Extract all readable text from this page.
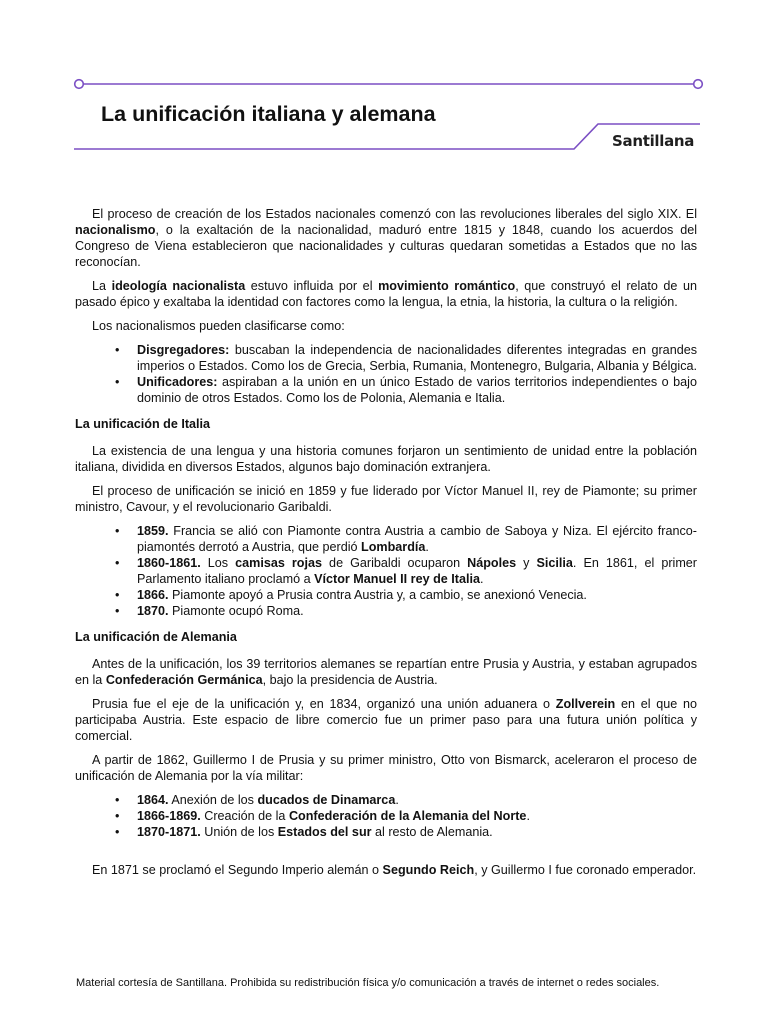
La unificación italiana y alemana
Santillana

El proceso de creación de los Estados nacionales comenzó con las revoluciones liberales del siglo XIX. El nacionalismo, o la exaltación de la nacionalidad, maduró entre 1815 y 1848, cuando los acuerdos del Congreso de Viena establecieron que nacionalidades y culturas quedaran sometidas a Estados que no las reconocían.

La ideología nacionalista estuvo influida por el movimiento romántico, que construyó el relato de un pasado épico y exaltaba la identidad con factores como la lengua, la etnia, la historia, la cultura o la religión.

Los nacionalismos pueden clasificarse como:

• Disgregadores: buscaban la independencia de nacionalidades diferentes integradas en grandes imperios o Estados. Como los de Grecia, Serbia, Rumania, Montenegro, Bulgaria, Albania y Bélgica.
• Unificadores: aspiraban a la unión en un único Estado de varios territorios independientes o bajo dominio de otros Estados. Como los de Polonia, Alemania e Italia.
La unificación de Italia

La existencia de una lengua y una historia comunes forjaron un sentimiento de unidad entre la población italiana, dividida en diversos Estados, algunos bajo dominación extranjera.

El proceso de unificación se inició en 1859 y fue liderado por Víctor Manuel II, rey de Piamonte; su primer ministro, Cavour, y el revolucionario Garibaldi.

• 1859. Francia se alió con Piamonte contra Austria a cambio de Saboya y Niza. El ejército franco-piamontés derrotó a Austria, que perdió Lombardía.
• 1860-1861. Los camisas rojas de Garibaldi ocuparon Nápoles y Sicilia. En 1861, el primer Parlamento italiano proclamó a Víctor Manuel II rey de Italia.
• 1866. Piamonte apoyó a Prusia contra Austria y, a cambio, se anexionó Venecia.
• 1870. Piamonte ocupó Roma.
La unificación de Alemania

Antes de la unificación, los 39 territorios alemanes se repartían entre Prusia y Austria, y estaban agrupados en la Confederación Germánica, bajo la presidencia de Austria.

Prusia fue el eje de la unificación y, en 1834, organizó una unión aduanera o Zollverein en el que no participaba Austria. Este espacio de libre comercio fue un primer paso para una futura unión política y comercial.

A partir de 1862, Guillermo I de Prusia y su primer ministro, Otto von Bismarck, aceleraron el proceso de unificación de Alemania por la vía militar:

• 1864. Anexión de los ducados de Dinamarca.
• 1866-1869. Creación de la Confederación de la Alemania del Norte.
• 1870-1871. Unión de los Estados del sur al resto de Alemania.

En 1871 se proclamó el Segundo Imperio alemán o Segundo Reich, y Guillermo I fue coronado emperador.

Material cortesía de Santillana. Prohibida su redistribución física y/o comunicación a través de internet o redes sociales.
